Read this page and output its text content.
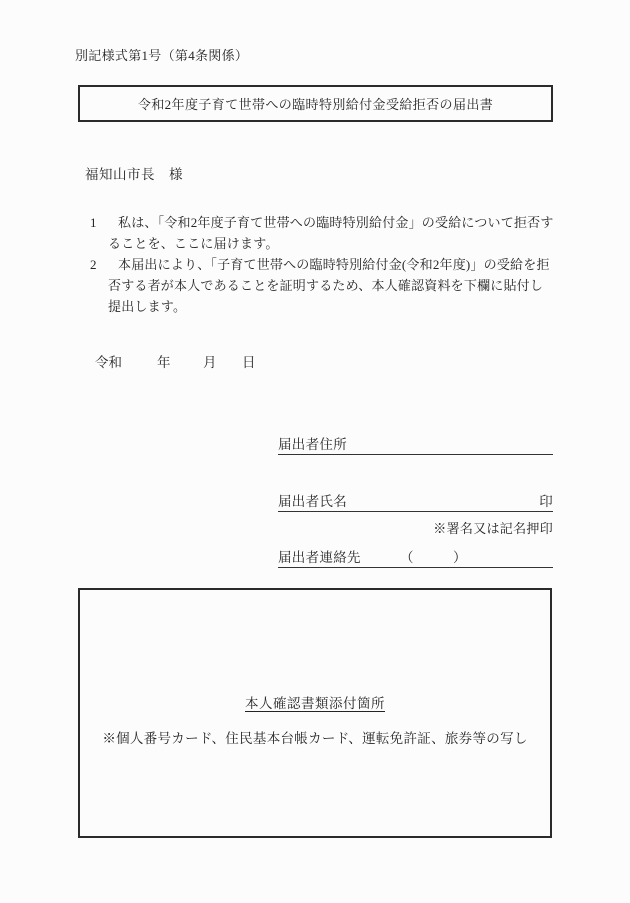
別記様式第1号（第4条関係）
令和2年度子育て世帯への臨時特別給付金受給拒否の届出書
福知山市長　様
1	私は、「令和2年度子育て世帯への臨時特別給付金」の受給について拒否することを、ここに届けます。
2	本届出により、「子育て世帯への臨時特別給付金(令和2年度)」の受給を拒否する者が本人であることを証明するため、本人確認資料を下欄に貼付し提出します。
令和	年 月 日
届出者住所
届出者氏名	印
※署名又は記名押印
届出者連絡先	（	）
本人確認書類添付箇所
※個人番号カード、住民基本台帳カード、運転免許証、旅券等の写し
